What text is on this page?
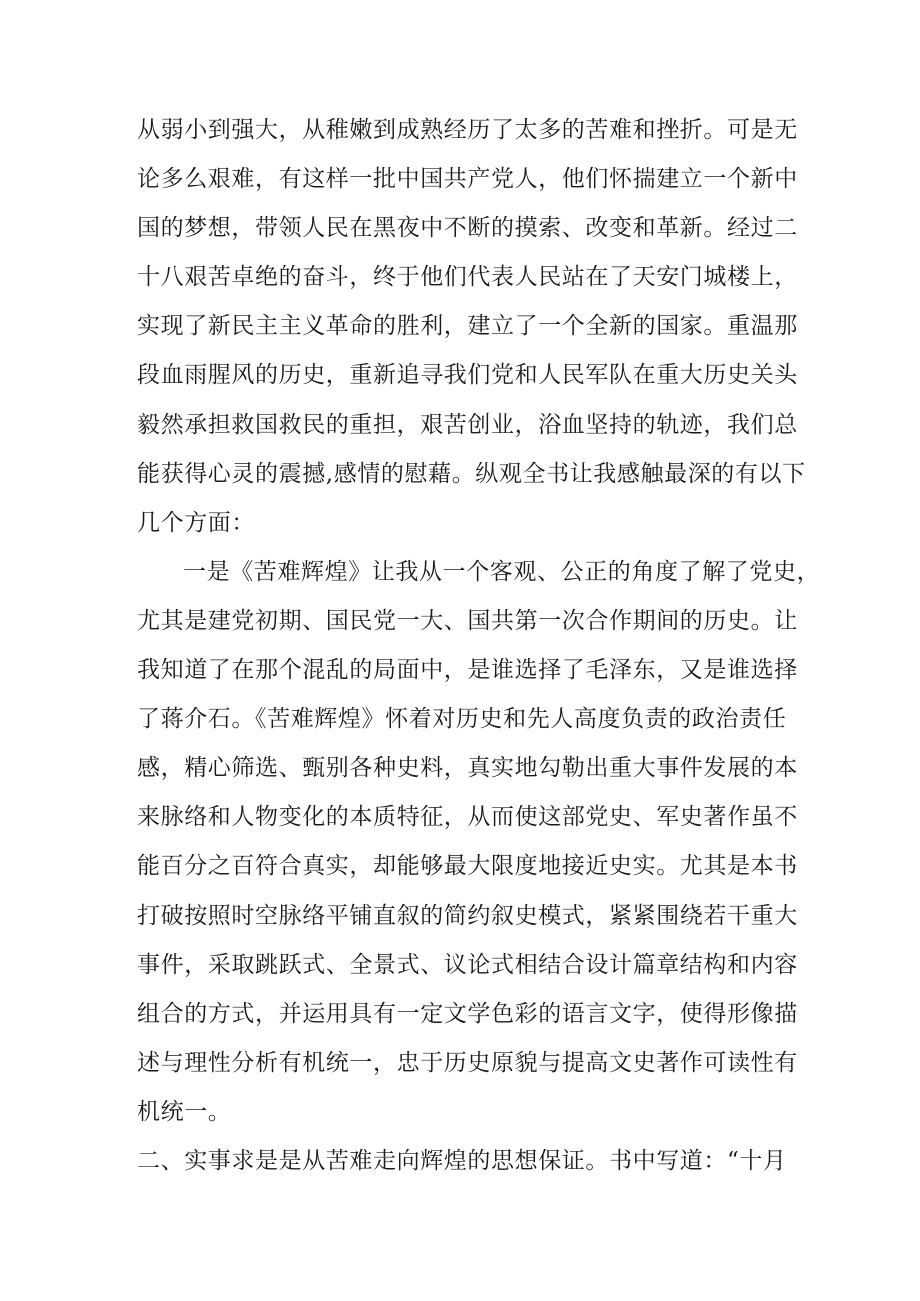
从弱小到强大，从稚嫩到成熟经历了太多的苦难和挫折。可是无
论多么艰难，有这样一批中国共产党人，他们怀揣建立一个新中
国的梦想，带领人民在黑夜中不断的摸索、改变和革新。经过二
十八艰苦卓绝的奋斗，终于他们代表人民站在了天安门城楼上，
实现了新民主主义革命的胜利，建立了一个全新的国家。重温那
段血雨腥风的历史，重新追寻我们党和人民军队在重大历史关头
毅然承担救国救民的重担，艰苦创业，浴血坚持的轨迹，我们总
能获得心灵的震撼,感情的慰藉。纵观全书让我感触最深的有以下
几个方面：
一是《苦难辉煌》让我从一个客观、公正的角度了解了党史，
尤其是建党初期、国民党一大、国共第一次合作期间的历史。让
我知道了在那个混乱的局面中，是谁选择了毛泽东，又是谁选择
了蒋介石。《苦难辉煌》怀着对历史和先人高度负责的政治责任
感，精心筛选、甄别各种史料，真实地勾勒出重大事件发展的本
来脉络和人物变化的本质特征，从而使这部党史、军史著作虽不
能百分之百符合真实，却能够最大限度地接近史实。尤其是本书
打破按照时空脉络平铺直叙的简约叙史模式，紧紧围绕若干重大
事件，采取跳跃式、全景式、议论式相结合设计篇章结构和内容
组合的方式，并运用具有一定文学色彩的语言文字，使得形像描
述与理性分析有机统一，忠于历史原貌与提高文史著作可读性有
机统一。
二、实事求是是从苦难走向辉煌的思想保证。书中写道：“十月
